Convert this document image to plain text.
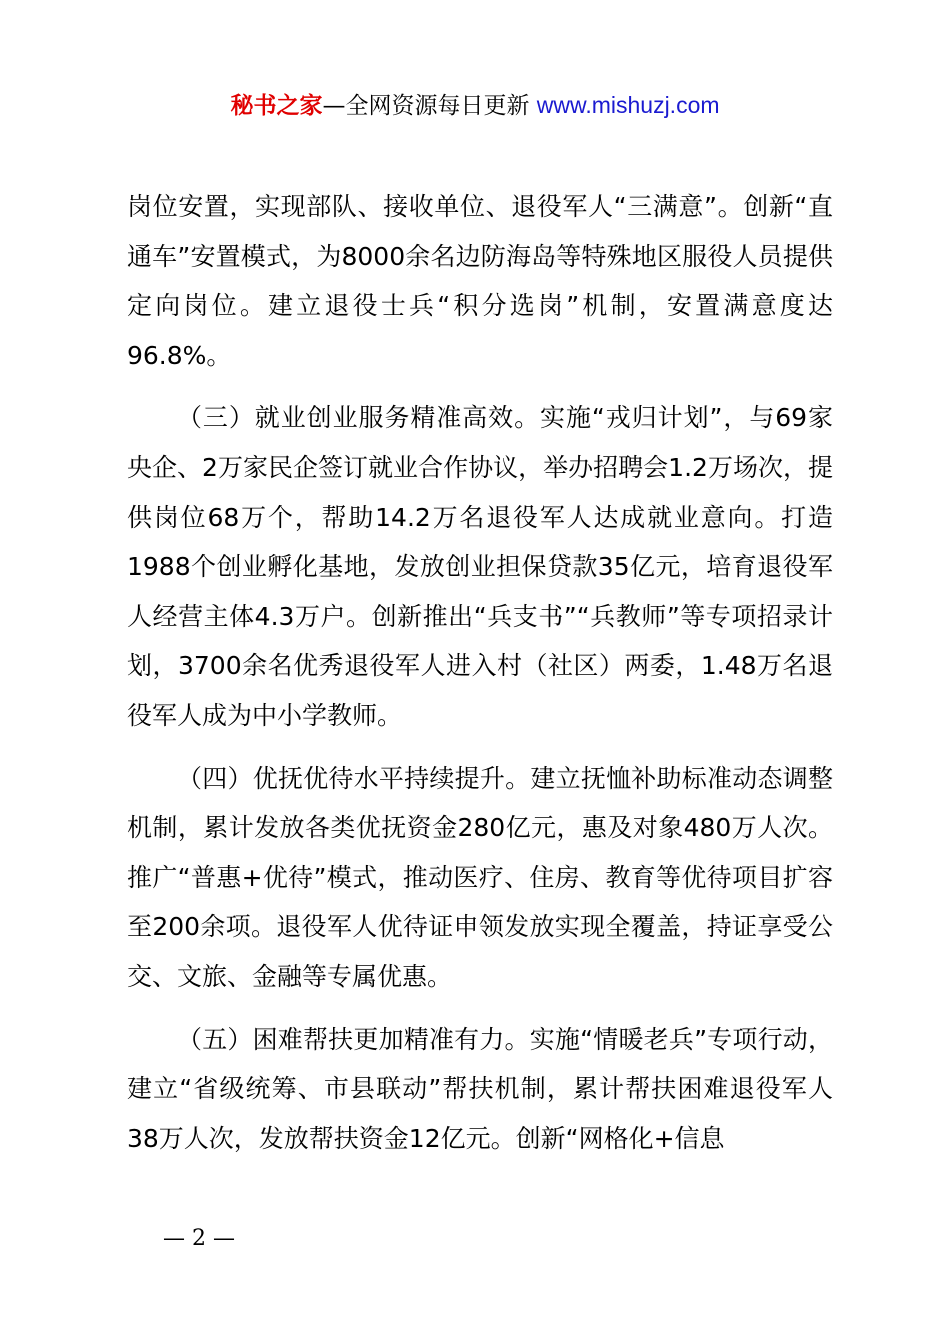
秘书之家—全网资源每日更新 www.mishuzj.com

岗位安置，实现部队、接收单位、退役军人“三满意”。创新“直通车”安置模式，为8000余名边防海岛等特殊地区服役人员提供定向岗位。建立退役士兵“积分选岗”机制，安置满意度达96.8%。

（三）就业创业服务精准高效。实施“戎归计划”，与69家央企、2万家民企签订就业合作协议，举办招聘会1.2万场次，提供岗位68万个，帮助14.2万名退役军人达成就业意向。打造1988个创业孵化基地，发放创业担保贷款35亿元，培育退役军人经营主体4.3万户。创新推出“兵支书”“兵教师”等专项招录计划，3700余名优秀退役军人进入村（社区）两委，1.48万名退役军人成为中小学教师。

（四）优抚优待水平持续提升。建立抚恤补助标准动态调整机制，累计发放各类优抚资金280亿元，惠及对象480万人次。推广“普惠+优待”模式，推动医疗、住房、教育等优待项目扩容至200余项。退役军人优待证申领发放实现全覆盖，持证享受公交、文旅、金融等专属优惠。

（五）困难帮扶更加精准有力。实施“情暖老兵”专项行动，建立“省级统筹、市县联动”帮扶机制，累计帮扶困难退役军人38万人次，发放帮扶资金12亿元。创新“网格化+信息

— 2 —
